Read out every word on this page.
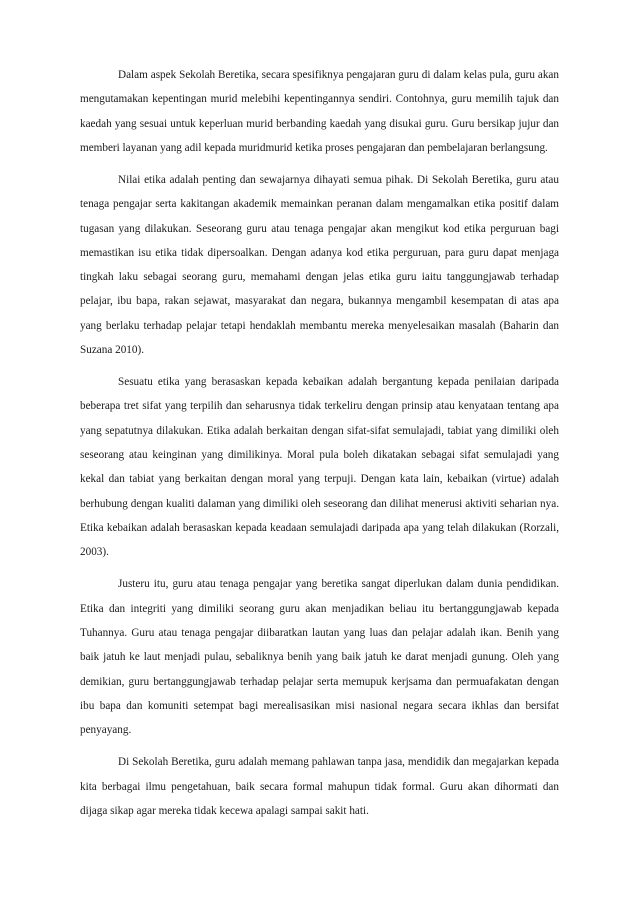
Dalam aspek Sekolah Beretika, secara spesifiknya pengajaran guru di dalam kelas pula, guru akan mengutamakan kepentingan murid melebihi kepentingannya sendiri. Contohnya, guru memilih tajuk dan kaedah yang sesuai untuk keperluan murid berbanding kaedah yang disukai guru. Guru bersikap jujur dan memberi layanan yang adil kepada muridmurid ketika proses pengajaran dan pembelajaran berlangsung.

Nilai etika adalah penting dan sewajarnya dihayati semua pihak. Di Sekolah Beretika, guru atau tenaga pengajar serta kakitangan akademik memainkan peranan dalam mengamalkan etika positif dalam tugasan yang dilakukan. Seseorang guru atau tenaga pengajar akan mengikut kod etika perguruan bagi memastikan isu etika tidak dipersoalkan. Dengan adanya kod etika perguruan, para guru dapat menjaga tingkah laku sebagai seorang guru, memahami dengan jelas etika guru iaitu tanggungjawab terhadap pelajar, ibu bapa, rakan sejawat, masyarakat dan negara, bukannya mengambil kesempatan di atas apa yang berlaku terhadap pelajar tetapi hendaklah membantu mereka menyelesaikan masalah (Baharin dan Suzana 2010).

Sesuatu etika yang berasaskan kepada kebaikan adalah bergantung kepada penilaian daripada beberapa tret sifat yang terpilih dan seharusnya tidak terkeliru dengan prinsip atau kenyataan tentang apa yang sepatutnya dilakukan. Etika adalah berkaitan dengan sifat-sifat semulajadi, tabiat yang dimiliki oleh seseorang atau keinginan yang dimilikinya. Moral pula boleh dikatakan sebagai sifat semulajadi yang kekal dan tabiat yang berkaitan dengan moral yang terpuji. Dengan kata lain, kebaikan (virtue) adalah berhubung dengan kualiti dalaman yang dimiliki oleh seseorang dan dilihat menerusi aktiviti seharian nya. Etika kebaikan adalah berasaskan kepada keadaan semulajadi daripada apa yang telah dilakukan (Rorzali, 2003).

Justeru itu, guru atau tenaga pengajar yang beretika sangat diperlukan dalam dunia pendidikan. Etika dan integriti yang dimiliki seorang guru akan menjadikan beliau itu bertanggungjawab kepada Tuhannya. Guru atau tenaga pengajar diibaratkan lautan yang luas dan pelajar adalah ikan. Benih yang baik jatuh ke laut menjadi pulau, sebaliknya benih yang baik jatuh ke darat menjadi gunung. Oleh yang demikian, guru bertanggungjawab terhadap pelajar serta memupuk kerjsama dan permuafakatan dengan ibu bapa dan komuniti setempat bagi merealisasikan misi nasional negara secara ikhlas dan bersifat penyayang.

Di Sekolah Beretika, guru adalah memang pahlawan tanpa jasa, mendidik dan megajarkan kepada kita berbagai ilmu pengetahuan, baik secara formal mahupun tidak formal. Guru akan dihormati dan dijaga sikap agar mereka tidak kecewa apalagi sampai sakit hati.
